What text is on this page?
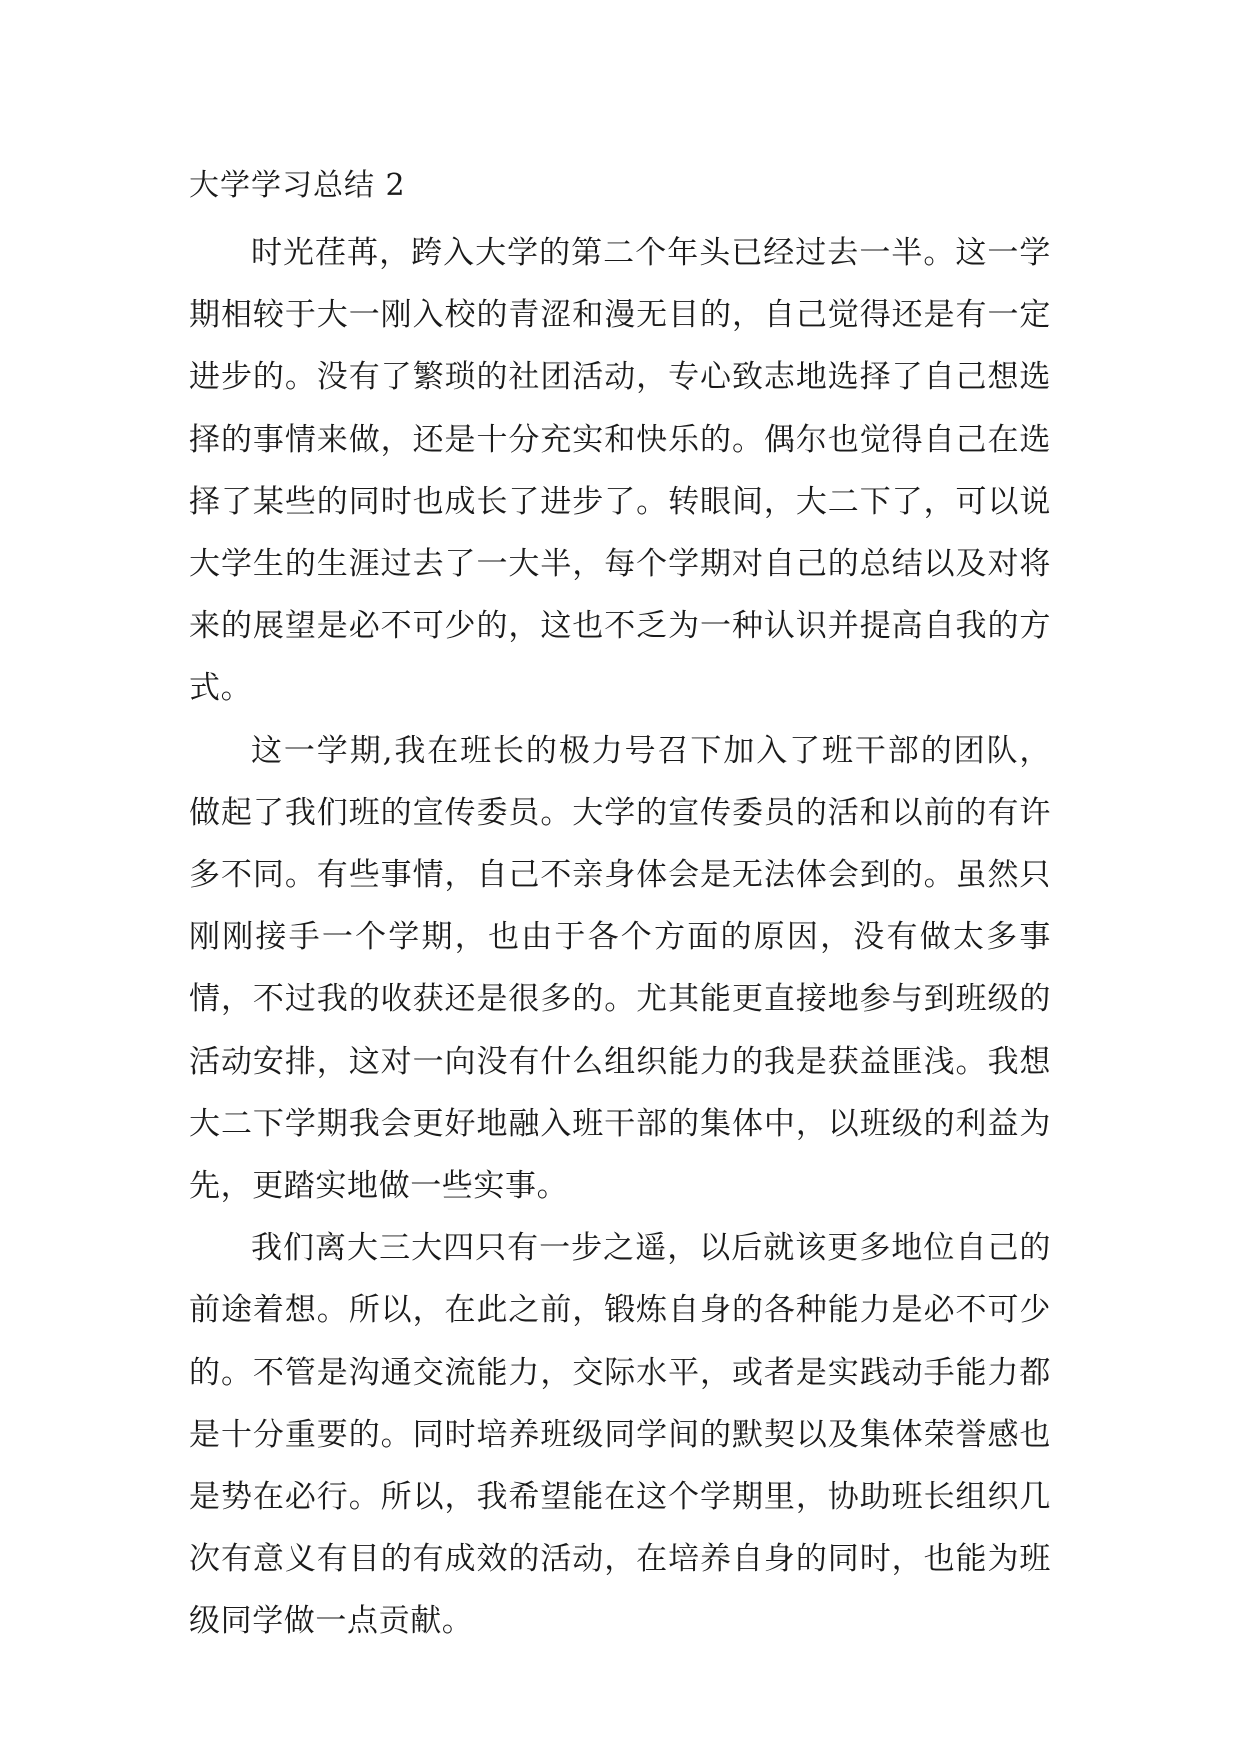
大学学习总结 2

时光荏苒，跨入大学的第二个年头已经过去一半。这一学期相较于大一刚入校的青涩和漫无目的，自己觉得还是有一定进步的。没有了繁琐的社团活动，专心致志地选择了自己想选择的事情来做，还是十分充实和快乐的。偶尔也觉得自己在选择了某些的同时也成长了进步了。转眼间，大二下了，可以说大学生的生涯过去了一大半，每个学期对自己的总结以及对将来的展望是必不可少的，这也不乏为一种认识并提高自我的方式。

这一学期,我在班长的极力号召下加入了班干部的团队，做起了我们班的宣传委员。大学的宣传委员的活和以前的有许多不同。有些事情，自己不亲身体会是无法体会到的。虽然只刚刚接手一个学期，也由于各个方面的原因，没有做太多事情，不过我的收获还是很多的。尤其能更直接地参与到班级的活动安排，这对一向没有什么组织能力的我是获益匪浅。我想大二下学期我会更好地融入班干部的集体中，以班级的利益为先，更踏实地做一些实事。

我们离大三大四只有一步之遥，以后就该更多地位自己的前途着想。所以，在此之前，锻炼自身的各种能力是必不可少的。不管是沟通交流能力，交际水平，或者是实践动手能力都是十分重要的。同时培养班级同学间的默契以及集体荣誉感也是势在必行。所以，我希望能在这个学期里，协助班长组织几次有意义有目的有成效的活动，在培养自身的同时，也能为班级同学做一点贡献。
